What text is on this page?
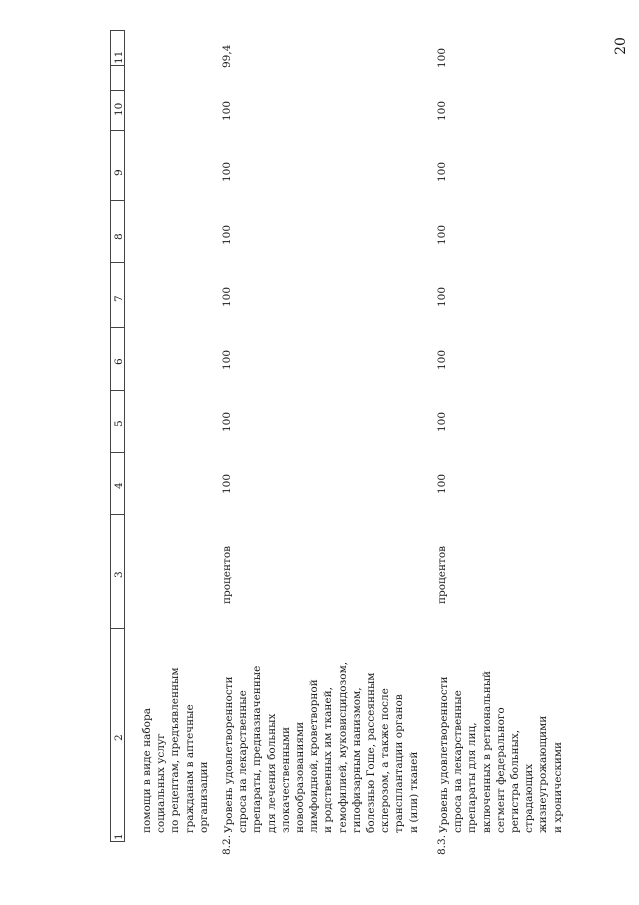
20
1
2
3
4
5
6
7
8
9
10
11
помощи в виде набора социальных услуг по рецептам, предъявленным гражданам в аптечные организации
8.2.
Уровень удовлетворенности спроса на лекарственные препараты, предназначенные для лечения больных злокачественными новообразованиями лимфоидной, кроветворной и родственных им тканей, гемофилией, муковисцидозом, гипофизарным нанизмом, болезнью Гоше, рассеянным склерозом, а также после трансплантации органов и (или) тканей
процентов
100
100
100
100
100
100
100
99,4
8.3.
Уровень удовлетворенности спроса на лекарственные препараты для лиц, включенных в региональный сегмент федерального регистра больных, страдающих жизнеугрожающими и хроническими
процентов
100
100
100
100
100
100
100
100
